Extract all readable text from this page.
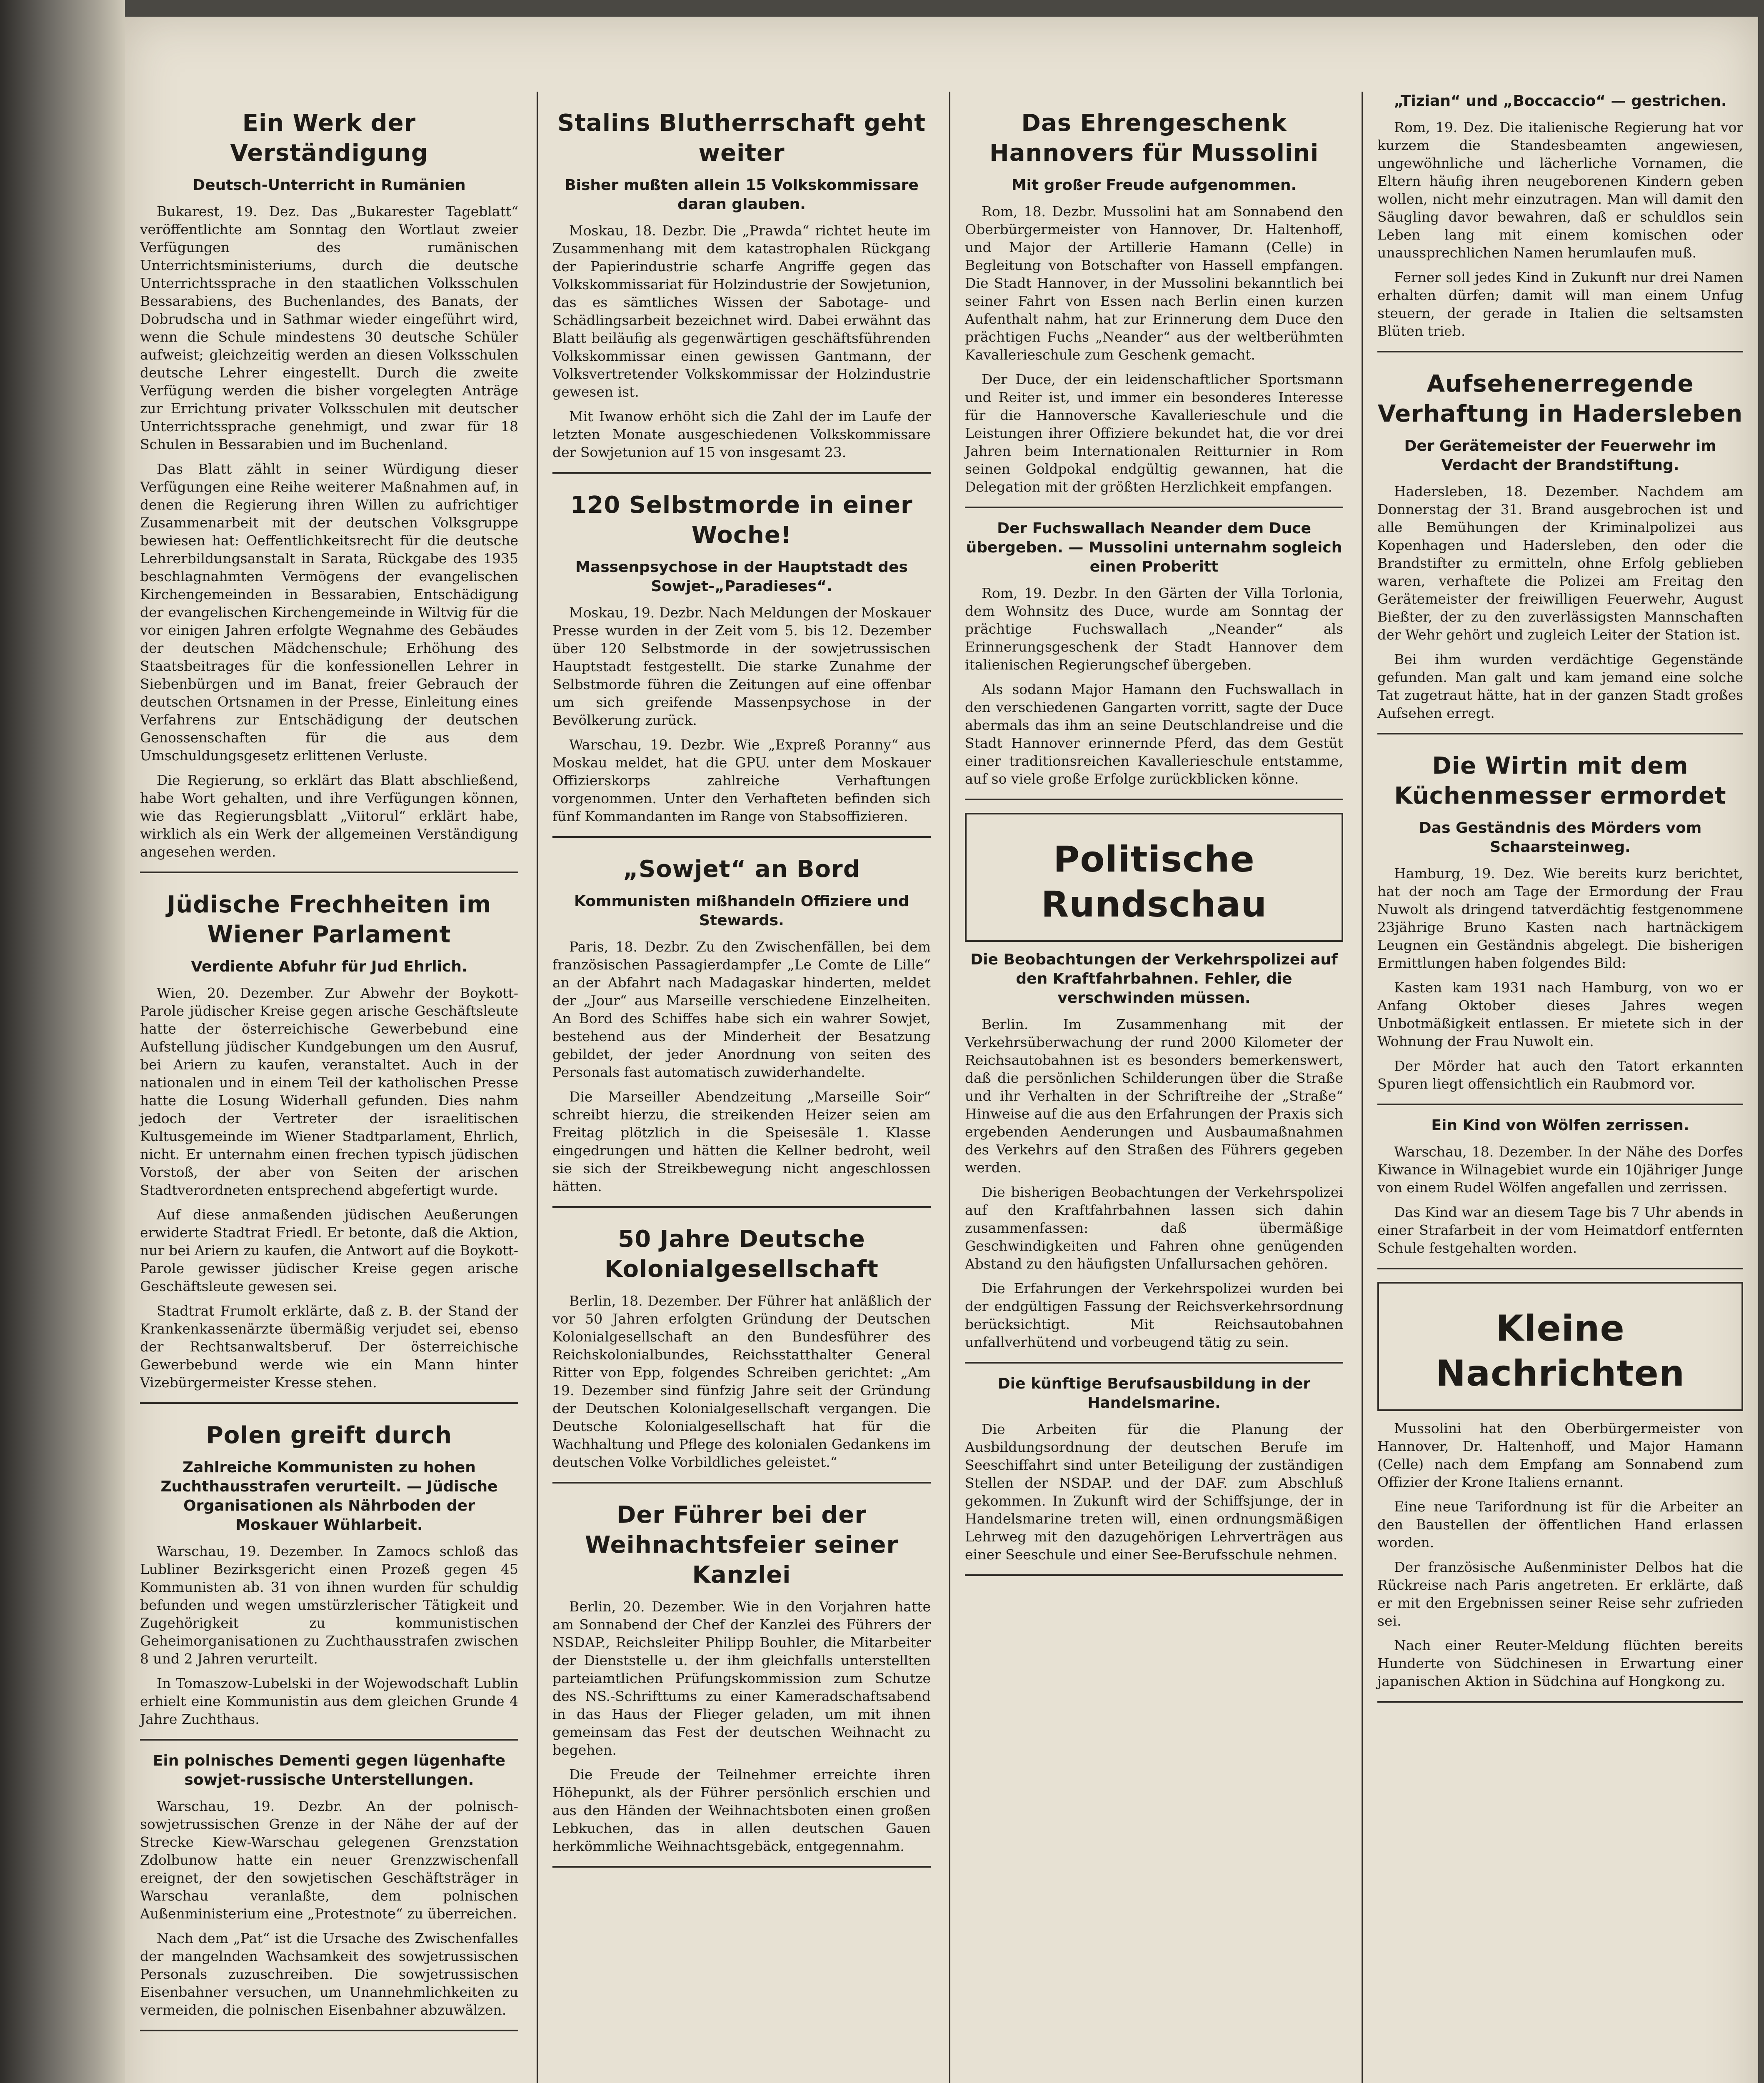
Ein Werk der Verständigung
Deutsch-Unterricht in Rumänien

Bukarest, 19. Dez. Das „Bukarester Tageblatt“ veröffentlichte am Sonntag den Wortlaut zweier Verfügungen des rumänischen Unterrichtsministeriums, durch die deutsche Unterrichtssprache in den staatlichen Volksschulen Bessarabiens, des Buchenlandes, des Banats, der Dobrudscha und in Sathmar wieder eingeführt wird, wenn die Schule mindestens 30 deutsche Schüler aufweist; gleichzeitig werden an diesen Volksschulen deutsche Lehrer eingestellt. Durch die zweite Verfügung werden die bisher vorgelegten Anträge zur Errichtung privater Volksschulen mit deutscher Unterrichtssprache genehmigt, und zwar für 18 Schulen in Bessarabien und im Buchenland.

Das Blatt zählt in seiner Würdigung dieser Verfügungen eine Reihe weiterer Maßnahmen auf, in denen die Regierung ihren Willen zu aufrichtiger Zusammenarbeit mit der deutschen Volksgruppe bewiesen hat: Oeffentlichkeitsrecht für die deutsche Lehrerbildungsanstalt in Sarata, Rückgabe des 1935 beschlagnahmten Vermögens der evangelischen Kirchengemeinden in Bessarabien, Entschädigung der evangelischen Kirchengemeinde in Wiltvig für die vor einigen Jahren erfolgte Wegnahme des Gebäudes der deutschen Mädchenschule; Erhöhung des Staatsbeitrages für die konfessionellen Lehrer in Siebenbürgen und im Banat, freier Gebrauch der deutschen Ortsnamen in der Presse, Einleitung eines Verfahrens zur Entschädigung der deutschen Genossenschaften für die aus dem Umschuldungsgesetz erlittenen Verluste.

Die Regierung, so erklärt das Blatt abschließend, habe Wort gehalten, und ihre Verfügungen können, wie das Regierungsblatt „Viitorul“ erklärt habe, wirklich als ein Werk der allgemeinen Verständigung angesehen werden.

Jüdische Frechheiten im Wiener Parlament
Verdiente Abfuhr für Jud Ehrlich.

Wien, 20. Dezember. Zur Abwehr der Boykott-Parole jüdischer Kreise gegen arische Geschäftsleute hatte der österreichische Gewerbebund eine Aufstellung jüdischer Kundgebungen um den Ausruf, bei Ariern zu kaufen, veranstaltet. Auch in der nationalen und in einem Teil der katholischen Presse hatte die Losung Widerhall gefunden. Dies nahm jedoch der Vertreter der israelitischen Kultusgemeinde im Wiener Stadtparlament, Ehrlich, nicht. Er unternahm einen frechen typisch jüdischen Vorstoß, der aber von Seiten der arischen Stadtverordneten entsprechend abgefertigt wurde.

Auf diese anmaßenden jüdischen Aeußerungen erwiderte Stadtrat Friedl. Er betonte, daß die Aktion, nur bei Ariern zu kaufen, die Antwort auf die Boykott-Parole gewisser jüdischer Kreise gegen arische Geschäftsleute gewesen sei.

Stadtrat Frumolt erklärte, daß z. B. der Stand der Krankenkassenärzte übermäßig verjudet sei, ebenso der Rechtsanwaltsberuf. Der österreichische Gewerbebund werde wie ein Mann hinter Vizebürgermeister Kresse stehen.

Polen greift durch
Zahlreiche Kommunisten zu hohen Zuchthausstrafen verurteilt. — Jüdische Organisationen als Nährboden der Moskauer Wühlarbeit.

Warschau, 19. Dezember. In Zamocs schloß das Lubliner Bezirksgericht einen Prozeß gegen 45 Kommunisten ab. 31 von ihnen wurden für schuldig befunden und wegen umstürzlerischer Tätigkeit und Zugehörigkeit zu kommunistischen Geheimorganisationen zu Zuchthausstrafen zwischen 8 und 2 Jahren verurteilt.

In Tomaszow-Lubelski in der Wojewodschaft Lublin erhielt eine Kommunistin aus dem gleichen Grunde 4 Jahre Zuchthaus.

Ein polnisches Dementi gegen lügenhafte sowjet-russische Unterstellungen.

Warschau, 19. Dezbr. An der polnisch-sowjetrussischen Grenze in der Nähe der auf der Strecke Kiew-Warschau gelegenen Grenzstation Zdolbunow hatte ein neuer Grenzzwischenfall ereignet, der den sowjetischen Geschäftsträger in Warschau veranlaßte, dem polnischen Außenministerium eine „Protestnote“ zu überreichen.

Nach dem „Pat“ ist die Ursache des Zwischenfalles der mangelnden Wachsamkeit des sowjetrussischen Personals zuzuschreiben. Die sowjetrussischen Eisenbahner versuchen, um Unannehmlichkeiten zu vermeiden, die polnischen Eisenbahner abzuwälzen.

Stalins Blutherrschaft geht weiter
Bisher mußten allein 15 Volkskommissare daran glauben.

Moskau, 18. Dezbr. Die „Prawda“ richtet heute im Zusammenhang mit dem katastrophalen Rückgang der Papierindustrie scharfe Angriffe gegen das Volkskommissariat für Holzindustrie der Sowjetunion, das es sämtliches Wissen der Sabotage- und Schädlingsarbeit bezeichnet wird. Dabei erwähnt das Blatt beiläufig als gegenwärtigen geschäftsführenden Volkskommissar einen gewissen Gantmann, der Volksvertretender Volkskommissar der Holzindustrie gewesen ist.

Mit Iwanow erhöht sich die Zahl der im Laufe der letzten Monate ausgeschiedenen Volkskommissare der Sowjetunion auf 15 von insgesamt 23.

120 Selbstmorde in einer Woche!
Massenpsychose in der Hauptstadt des Sowjet-„Paradieses“.

Moskau, 19. Dezbr. Nach Meldungen der Moskauer Presse wurden in der Zeit vom 5. bis 12. Dezember über 120 Selbstmorde in der sowjetrussischen Hauptstadt festgestellt. Die starke Zunahme der Selbstmorde führen die Zeitungen auf eine offenbar um sich greifende Massenpsychose in der Bevölkerung zurück.

Warschau, 19. Dezbr. Wie „Expreß Poranny“ aus Moskau meldet, hat die GPU. unter dem Moskauer Offizierskorps zahlreiche Verhaftungen vorgenommen. Unter den Verhafteten befinden sich fünf Kommandanten im Range von Stabsoffizieren.

„Sowjet“ an Bord
Kommunisten mißhandeln Offiziere und Stewards.

Paris, 18. Dezbr. Zu den Zwischenfällen, bei dem französischen Passagierdampfer „Le Comte de Lille“ an der Abfahrt nach Madagaskar hinderten, meldet der „Jour“ aus Marseille verschiedene Einzelheiten. An Bord des Schiffes habe sich ein wahrer Sowjet, bestehend aus der Minderheit der Besatzung gebildet, der jeder Anordnung von seiten des Personals fast automatisch zuwiderhandelte.

Die Marseiller Abendzeitung „Marseille Soir“ schreibt hierzu, die streikenden Heizer seien am Freitag plötzlich in die Speisesäle 1. Klasse eingedrungen und hätten die Kellner bedroht, weil sie sich der Streikbewegung nicht angeschlossen hätten.

50 Jahre Deutsche Kolonialgesellschaft

Berlin, 18. Dezember. Der Führer hat anläßlich der vor 50 Jahren erfolgten Gründung der Deutschen Kolonialgesellschaft an den Bundesführer des Reichskolonialbundes, Reichsstatthalter General Ritter von Epp, folgendes Schreiben gerichtet: „Am 19. Dezember sind fünfzig Jahre seit der Gründung der Deutschen Kolonialgesellschaft vergangen. Die Deutsche Kolonialgesellschaft hat für die Wachhaltung und Pflege des kolonialen Gedankens im deutschen Volke Vorbildliches geleistet.“

Der Führer bei der Weihnachtsfeier seiner Kanzlei

Berlin, 20. Dezember. Wie in den Vorjahren hatte am Sonnabend der Chef der Kanzlei des Führers der NSDAP., Reichsleiter Philipp Bouhler, die Mitarbeiter der Dienststelle u. der ihm gleichfalls unterstellten parteiamtlichen Prüfungskommission zum Schutze des NS.-Schrifttums zu einer Kameradschaftsabend in das Haus der Flieger geladen, um mit ihnen gemeinsam das Fest der deutschen Weihnacht zu begehen.

Die Freude der Teilnehmer erreichte ihren Höhepunkt, als der Führer persönlich erschien und aus den Händen der Weihnachtsboten einen großen Lebkuchen, das in allen deutschen Gauen herkömmliche Weihnachtsgebäck, entgegennahm.

Das Ehrengeschenk Hannovers für Mussolini
Mit großer Freude aufgenommen.

Rom, 18. Dezbr. Mussolini hat am Sonnabend den Oberbürgermeister von Hannover, Dr. Haltenhoff, und Major der Artillerie Hamann (Celle) in Begleitung von Botschafter von Hassell empfangen. Die Stadt Hannover, in der Mussolini bekanntlich bei seiner Fahrt von Essen nach Berlin einen kurzen Aufenthalt nahm, hat zur Erinnerung dem Duce den prächtigen Fuchs „Neander“ aus der weltberühmten Kavallerieschule zum Geschenk gemacht.

Der Duce, der ein leidenschaftlicher Sportsmann und Reiter ist, und immer ein besonderes Interesse für die Hannoversche Kavallerieschule und die Leistungen ihrer Offiziere bekundet hat, die vor drei Jahren beim Internationalen Reitturnier in Rom seinen Goldpokal endgültig gewannen, hat die Delegation mit der größten Herzlichkeit empfangen.

Der Fuchswallach Neander dem Duce übergeben. — Mussolini unternahm sogleich einen Proberitt

Rom, 19. Dezbr. In den Gärten der Villa Torlonia, dem Wohnsitz des Duce, wurde am Sonntag der prächtige Fuchswallach „Neander“ als Erinnerungsgeschenk der Stadt Hannover dem italienischen Regierungschef übergeben.

Als sodann Major Hamann den Fuchswallach in den verschiedenen Gangarten vorritt, sagte der Duce abermals das ihm an seine Deutschlandreise und die Stadt Hannover erinnernde Pferd, das dem Gestüt einer traditionsreichen Kavallerieschule entstamme, auf so viele große Erfolge zurückblicken könne.

Politische Rundschau
Die Beobachtungen der Verkehrspolizei auf den Kraftfahrbahnen. Fehler, die verschwinden müssen.

Berlin. Im Zusammenhang mit der Verkehrsüberwachung der rund 2000 Kilometer der Reichsautobahnen ist es besonders bemerkenswert, daß die persönlichen Schilderungen über die Straße und ihr Verhalten in der Schriftreihe der „Straße“ Hinweise auf die aus den Erfahrungen der Praxis sich ergebenden Aenderungen und Ausbaumaßnahmen des Verkehrs auf den Straßen des Führers gegeben werden.

Die bisherigen Beobachtungen der Verkehrspolizei auf den Kraftfahrbahnen lassen sich dahin zusammenfassen: daß übermäßige Geschwindigkeiten und Fahren ohne genügenden Abstand zu den häufigsten Unfallursachen gehören.

Die Erfahrungen der Verkehrspolizei wurden bei der endgültigen Fassung der Reichsverkehrsordnung berücksichtigt. Mit Reichsautobahnen unfallverhütend und vorbeugend tätig zu sein.

Die künftige Berufsausbildung in der Handelsmarine.

Die Arbeiten für die Planung der Ausbildungsordnung der deutschen Berufe im Seeschiffahrt sind unter Beteiligung der zuständigen Stellen der NSDAP. und der DAF. zum Abschluß gekommen. In Zukunft wird der Schiffsjunge, der in Handelsmarine treten will, einen ordnungsmäßigen Lehrweg mit den dazugehörigen Lehrverträgen aus einer Seeschule und einer See-Berufsschule nehmen.

„Tizian“ und „Boccaccio“ — gestrichen.

Rom, 19. Dez. Die italienische Regierung hat vor kurzem die Standesbeamten angewiesen, ungewöhnliche und lächerliche Vornamen, die Eltern häufig ihren neugeborenen Kindern geben wollen, nicht mehr einzutragen. Man will damit den Säugling davor bewahren, daß er schuldlos sein Leben lang mit einem komischen oder unaussprechlichen Namen herumlaufen muß.

Ferner soll jedes Kind in Zukunft nur drei Namen erhalten dürfen; damit will man einem Unfug steuern, der gerade in Italien die seltsamsten Blüten trieb.

Aufsehenerregende Verhaftung in Hadersleben
Der Gerätemeister der Feuerwehr im Verdacht der Brandstiftung.

Hadersleben, 18. Dezember. Nachdem am Donnerstag der 31. Brand ausgebrochen ist und alle Bemühungen der Kriminalpolizei aus Kopenhagen und Hadersleben, den oder die Brandstifter zu ermitteln, ohne Erfolg geblieben waren, verhaftete die Polizei am Freitag den Gerätemeister der freiwilligen Feuerwehr, August Bießter, der zu den zuverlässigsten Mannschaften der Wehr gehört und zugleich Leiter der Station ist.

Bei ihm wurden verdächtige Gegenstände gefunden. Man galt und kam jemand eine solche Tat zugetraut hätte, hat in der ganzen Stadt großes Aufsehen erregt.

Die Wirtin mit dem Küchenmesser ermordet
Das Geständnis des Mörders vom Schaarsteinweg.

Hamburg, 19. Dez. Wie bereits kurz berichtet, hat der noch am Tage der Ermordung der Frau Nuwolt als dringend tatverdächtig festgenommene 23jährige Bruno Kasten nach hartnäckigem Leugnen ein Geständnis abgelegt. Die bisherigen Ermittlungen haben folgendes Bild:

Kasten kam 1931 nach Hamburg, von wo er Anfang Oktober dieses Jahres wegen Unbotmäßigkeit entlassen. Er mietete sich in der Wohnung der Frau Nuwolt ein.

Der Mörder hat auch den Tatort erkannten Spuren liegt offensichtlich ein Raubmord vor.

Ein Kind von Wölfen zerrissen.

Warschau, 18. Dezember. In der Nähe des Dorfes Kiwance in Wilnagebiet wurde ein 10jähriger Junge von einem Rudel Wölfen angefallen und zerrissen.

Das Kind war an diesem Tage bis 7 Uhr abends in einer Strafarbeit in der vom Heimatdorf entfernten Schule festgehalten worden.

Kleine Nachrichten

Mussolini hat den Oberbürgermeister von Hannover, Dr. Haltenhoff, und Major Hamann (Celle) nach dem Empfang am Sonnabend zum Offizier der Krone Italiens ernannt.

Eine neue Tarifordnung ist für die Arbeiter an den Baustellen der öffentlichen Hand erlassen worden.

Der französische Außenminister Delbos hat die Rückreise nach Paris angetreten. Er erklärte, daß er mit den Ergebnissen seiner Reise sehr zufrieden sei.

Nach einer Reuter-Meldung flüchten bereits Hunderte von Südchinesen in Erwartung einer japanischen Aktion in Südchina auf Hongkong zu.
